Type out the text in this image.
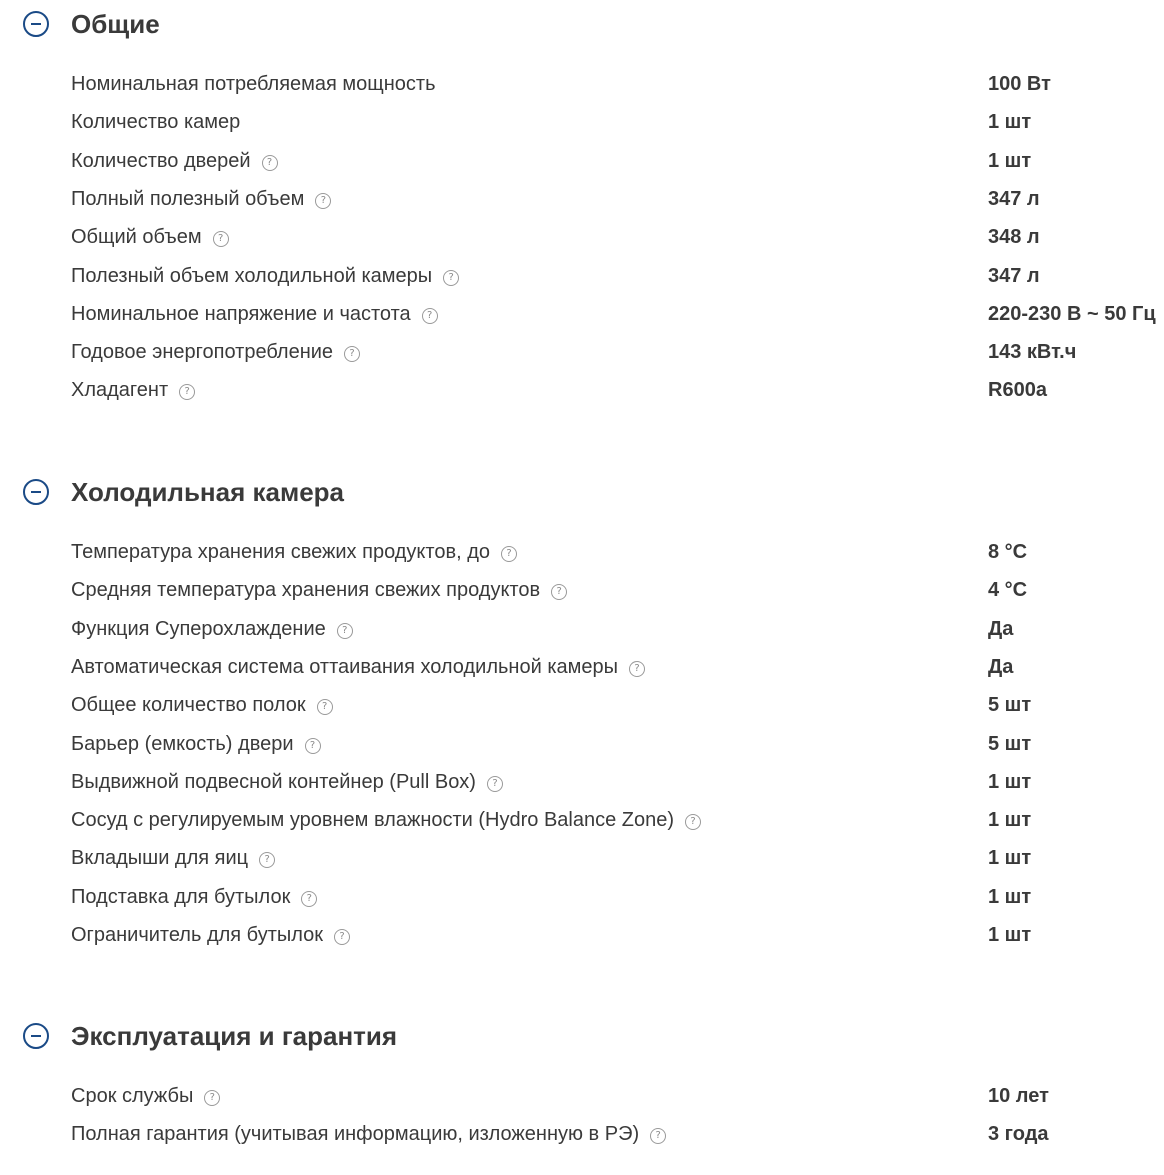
Общие
Номинальная потребляемая мощность	100 Вт
Количество камер	1 шт
Количество дверей	?	1 шт
Полный полезный объем	?	347 л
Общий объем	?	348 л
Полезный объем холодильной камеры	?	347 л
Номинальное напряжение и частота	?	220-230 В ~ 50 Гц
Годовое энергопотребление	?	143 кВт.ч
Хладагент	?	R600a
Холодильная камера
Температура хранения свежих продуктов, до	?	8 °C
Средняя температура хранения свежих продуктов	?	4 °C
Функция Суперохлаждение	?	Да
Автоматическая система оттаивания холодильной камеры	?	Да
Общее количество полок	?	5 шт
Барьер (емкость) двери	?	5 шт
Выдвижной подвесной контейнер (Pull Box)	?	1 шт
Сосуд с регулируемым уровнем влажности (Hydro Balance Zone)	?	1 шт
Вкладыши для яиц	?	1 шт
Подставка для бутылок	?	1 шт
Ограничитель для бутылок	?	1 шт
Эксплуатация и гарантия
Срок службы	?	10 лет
Полная гарантия (учитывая информацию, изложенную в РЭ)	?	3 года
